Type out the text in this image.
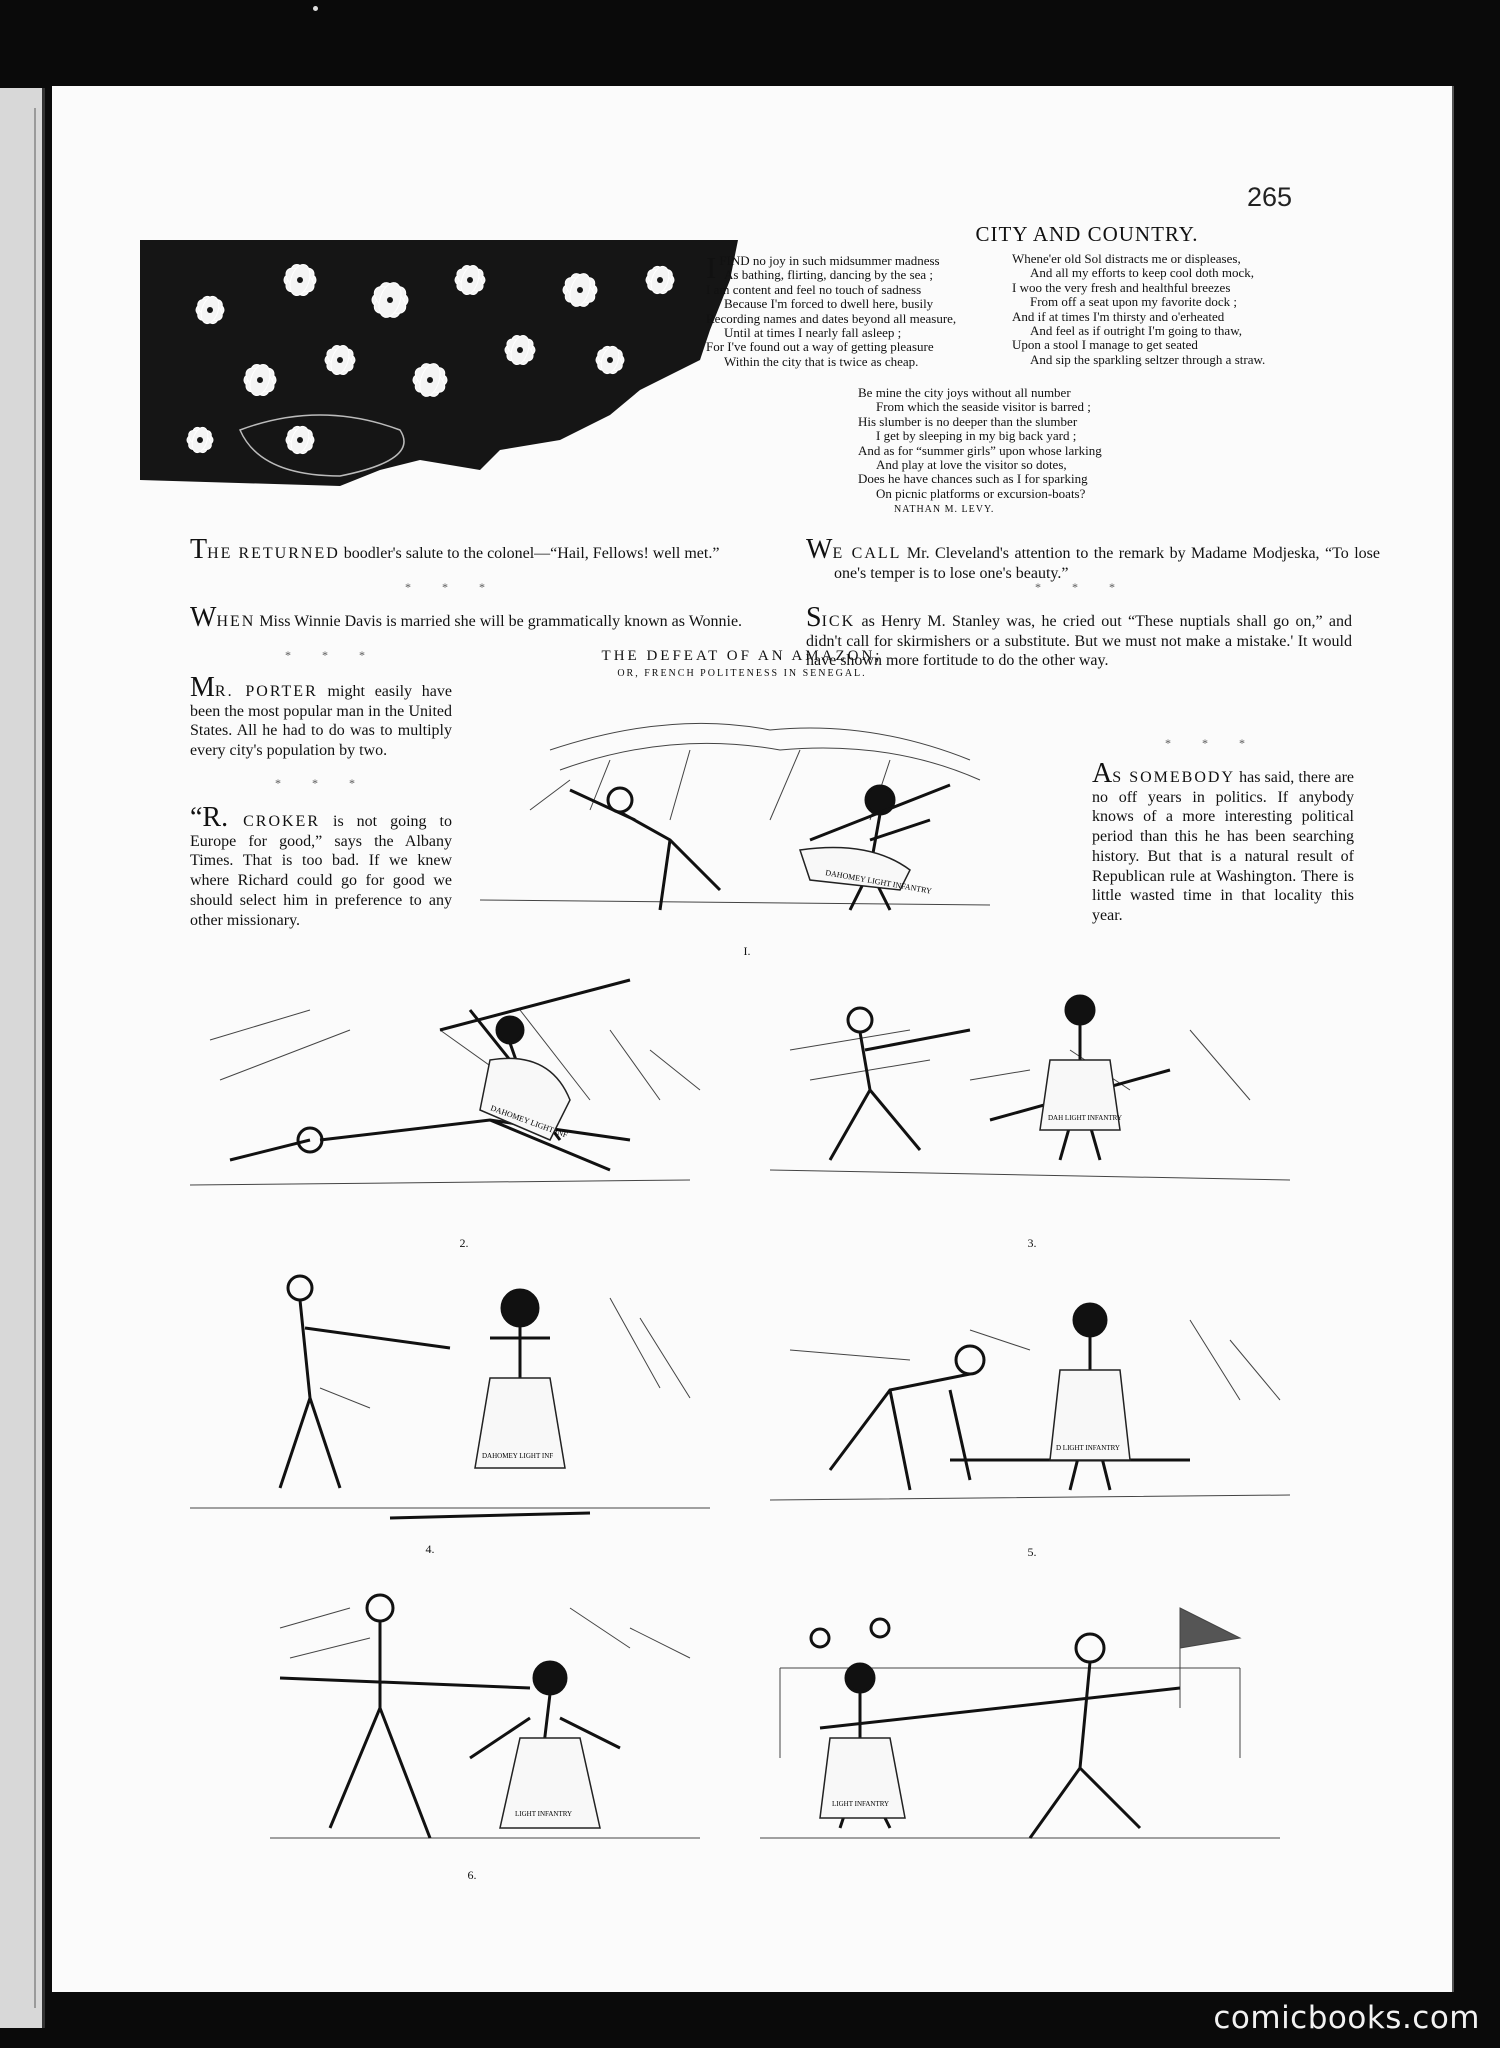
265
CITY AND COUNTRY.
IFIND no joy in such midsummer madness
As bathing, flirting, dancing by the sea ;
I am content and feel no touch of sadness
Because I'm forced to dwell here, busily
Recording names and dates beyond all measure,
Until at times I nearly fall asleep ;
For I've found out a way of getting pleasure
Within the city that is twice as cheap.
Whene'er old Sol distracts me or displeases,
And all my efforts to keep cool doth mock,
I woo the very fresh and healthful breezes
From off a seat upon my favorite dock ;
And if at times I'm thirsty and o'erheated
And feel as if outright I'm going to thaw,
Upon a stool I manage to get seated
And sip the sparkling seltzer through a straw.
Be mine the city joys without all number
From which the seaside visitor is barred ;
His slumber is no deeper than the slumber
I get by sleeping in my big back yard ;
And as for “summer girls” upon whose larking
And play at love the visitor so dotes,
Does he have chances such as I for sparking
On picnic platforms or excursion-boats?
NATHAN M. LEVY.
THE RETURNED boodler's salute to the colonel—“Hail, Fellows! well met.”
* * *
WHEN Miss Winnie Davis is married she will be grammatically known as Wonnie.
* * *
MR. PORTER might easily have been the most popular man in the United States. All he had to do was to multiply every city's population by two.
* * *
“R. CROKER is not going to Europe for good,” says the Albany Times. That is too bad. If we knew where Richard could go for good we should select him in preference to any other missionary.
WE CALL Mr. Cleveland's attention to the remark by Madame Modjeska, “To lose one's temper is to lose one's beauty.”
* * *
SICK as Henry M. Stanley was, he cried out “These nuptials shall go on,” and didn't call for skirmishers or a substitute. But we must not make a mistake.' It would have shown more fortitude to do the other way.
* * *
AS SOMEBODY has said, there are no off years in politics. If anybody knows of a more interesting political period than this he has been searching history. But that is a natural result of Republican rule at Washington. There is little wasted time in that locality this year.
THE DEFEAT OF AN AMAZON;
OR, FRENCH POLITENESS IN SENEGAL.
DAHOMEY LIGHT INFANTRY
I.
DAHOMEY LIGHT INF
2.
DAH LIGHT INFANTRY
3.
DAHOMEY LIGHT INF
4.
D LIGHT INFANTRY
5.
LIGHT INFANTRY
6.
LIGHT INFANTRY
comicbooks.com
